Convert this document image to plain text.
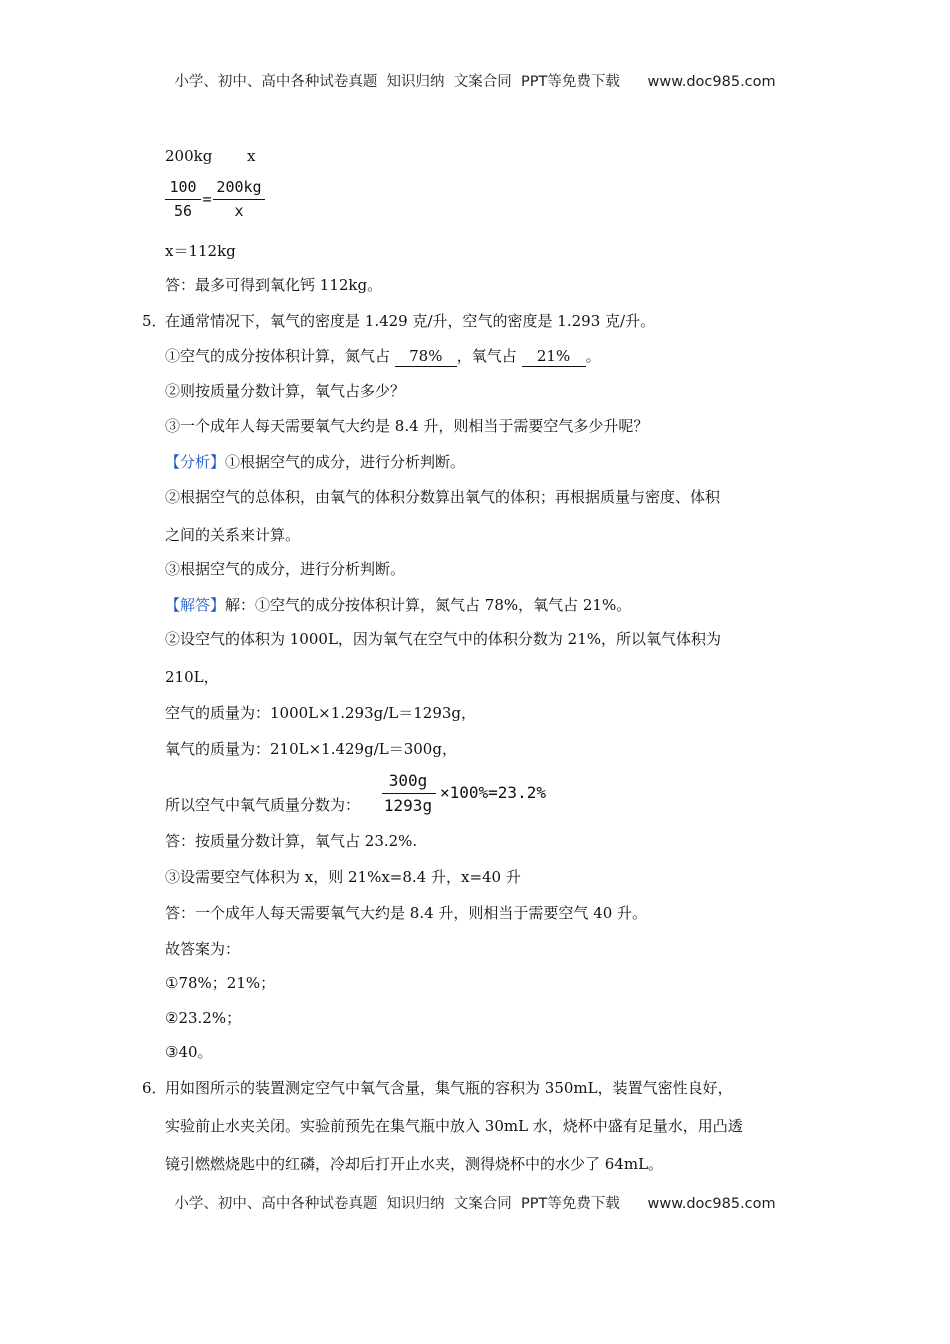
小学、初中、高中各种试卷真题  知识归纳  文案合同  PPT等免费下载      www.doc985.com
200kg x
100
56
=
200kg
x
x＝112kg
答：最多可得到氧化钙 112kg。
5．
在通常情况下，氧气的密度是 1.429 克/升，空气的密度是 1.293 克/升。
①空气的成分按体积计算，氮气占 78% ，氧气占 21% 。
②则按质量分数计算，氧气占多少？
③一个成年人每天需要氧气大约是 8.4 升，则相当于需要空气多少升呢？
【分析】①根据空气的成分，进行分析判断。
②根据空气的总体积，由氧气的体积分数算出氧气的体积；再根据质量与密度、体积
之间的关系来计算。
③根据空气的成分，进行分析判断。
【解答】解：①空气的成分按体积计算，氮气占 78%，氧气占 21%。
②设空气的体积为 1000L，因为氧气在空气中的体积分数为 21%，所以氧气体积为
210L，
空气的质量为：1000L×1.293g/L＝1293g，
氧气的质量为：210L×1.429g/L＝300g，
所以空气中氧气质量分数为：
300g
1293g
×100%=23.2%
答：按质量分数计算，氧气占 23.2%.
③设需要空气体积为 x，则 21%x=8.4 升，x=40 升
答：一个成年人每天需要氧气大约是 8.4 升，则相当于需要空气 40 升。
故答案为：
①78%；21%；
②23.2%；
③40。
6．
用如图所示的装置测定空气中氧气含量，集气瓶的容积为 350mL，装置气密性良好，
实验前止水夹关闭。实验前预先在集气瓶中放入 30mL 水，烧杯中盛有足量水，用凸透
镜引燃燃烧匙中的红磷，冷却后打开止水夹，测得烧杯中的水少了 64mL。
小学、初中、高中各种试卷真题  知识归纳  文案合同  PPT等免费下载      www.doc985.com
